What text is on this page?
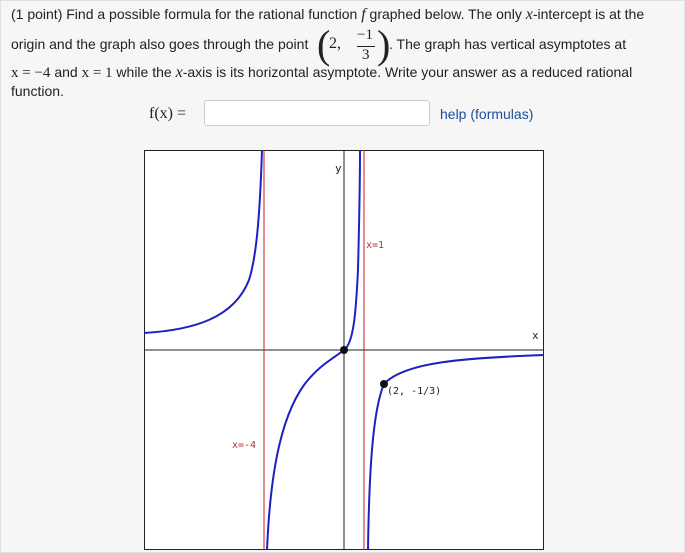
(1 point) Find a possible formula for the rational function f graphed below. The only x-intercept is at the
origin and the graph also goes through the point (
2, −1
3 )
. The graph has vertical asymptotes at
x = −4 and x = 1 while the x-axis is its horizontal asymptote. Write your answer as a reduced rational
function.
f(x) =	help (formulas)
y
x
x=1
x=-4
(2, -1/3)
